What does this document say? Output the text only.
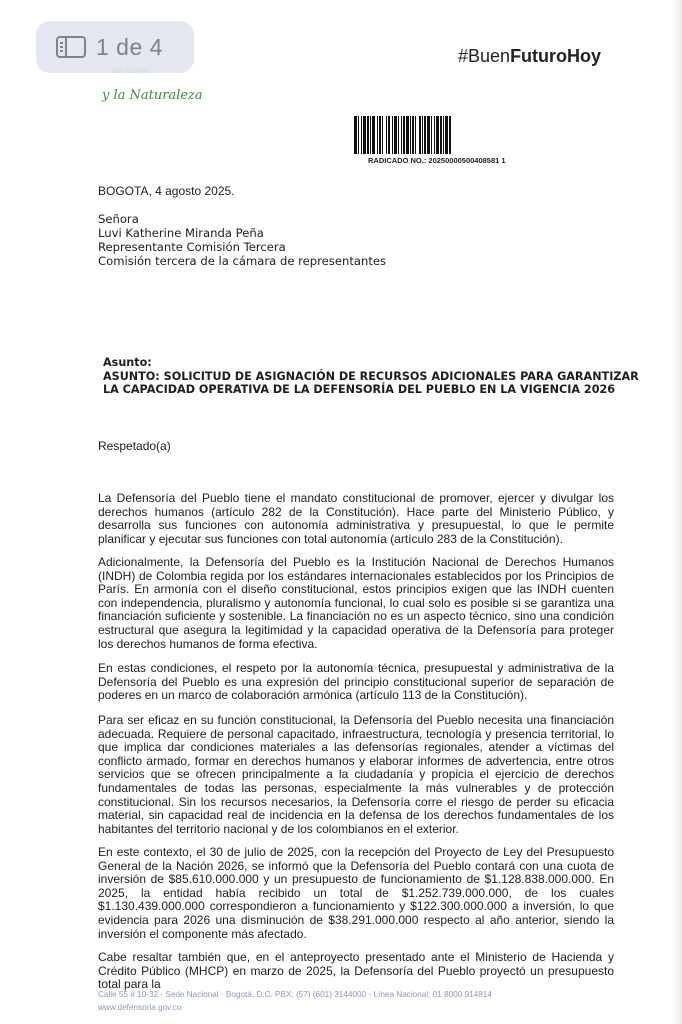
y la Naturaleza
#BuenFuturoHoy
RADICADO NO.: 20250000500408581 1
BOGOTA, 4 agosto 2025.

Señora

Luvi Katherine Miranda Peña

Representante Comisión Tercera

Comisión tercera de la cámara de representantes

Asunto:

ASUNTO: SOLICITUD DE ASIGNACIÓN DE RECURSOS ADICIONALES PARA GARANTIZAR

LA CAPACIDAD OPERATIVA DE LA DEFENSORÍA DEL PUEBLO EN LA VIGENCIA 2026

Respetado(a)

La Defensoría del Pueblo tiene el mandato constitucional de promover, ejercer y divulgar los derechos humanos (artículo 282 de la Constitución). Hace parte del Ministerio Público, y desarrolla sus funciones con autonomía administrativa y presupuestal, lo que le permite planificar y ejecutar sus funciones con total autonomía (artículo 283 de la Constitución).

Adicionalmente, la Defensoría del Pueblo es la Institución Nacional de Derechos Humanos (INDH) de Colombia regida por los estándares internacionales establecidos por los Principios de París. En armonía con el diseño constitucional, estos principios exigen que las INDH cuenten con independencia, pluralismo y autonomía funcional, lo cual solo es posible si se garantiza una financiación suficiente y sostenible. La financiación no es un aspecto técnico, sino una condición estructural que asegura la legitimidad y la capacidad operativa de la Defensoría para proteger los derechos humanos de forma efectiva.

En estas condiciones, el respeto por la autonomía técnica, presupuestal y administrativa de la Defensoría del Pueblo es una expresión del principio constitucional superior de separación de poderes en un marco de colaboración armónica (artículo 113 de la Constitución).

Para ser eficaz en su función constitucional, la Defensoría del Pueblo necesita una financiación adecuada. Requiere de personal capacitado, infraestructura, tecnología y presencia territorial, lo que implica dar condiciones materiales a las defensorías regionales, atender a víctimas del conflicto armado, formar en derechos humanos y elaborar informes de advertencia, entre otros servicios que se ofrecen principalmente a la ciudadanía y propicia el ejercicio de derechos fundamentales de todas las personas, especialmente la más vulnerables y de protección constitucional. Sin los recursos necesarios, la Defensoría corre el riesgo de perder su eficacia material, sin capacidad real de incidencia en la defensa de los derechos fundamentales de los habitantes del territorio nacional y de los colombianos en el exterior.

En este contexto, el 30 de julio de 2025, con la recepción del Proyecto de Ley del Presupuesto General de la Nación 2026, se informó que la Defensoría del Pueblo contará con una cuota de inversión de $85.610.000.000 y un presupuesto de funcionamiento de $1.128.838.000.000. En 2025, la entidad había recibido un total de $1.252.739.000.000, de los cuales $1.130.439.000.000 correspondieron a funcionamiento y $122.300.000.000 a inversión, lo que evidencia para 2026 una disminución de $38.291.000.000 respecto al año anterior, siendo la inversión el componente más afectado.

Cabe resaltar también que, en el anteproyecto presentado ante el Ministerio de Hacienda y Crédito Público (MHCP) en marzo de 2025, la Defensoría del Pueblo proyectó un presupuesto total para la

Calle 55 # 10-32 · Sede Nacional · Bogotá, D.C. PBX: (57) (601) 3144000 ◦ Línea Nacional: 01 8000 914814

www.defensoria.gov.co

1 de 4
